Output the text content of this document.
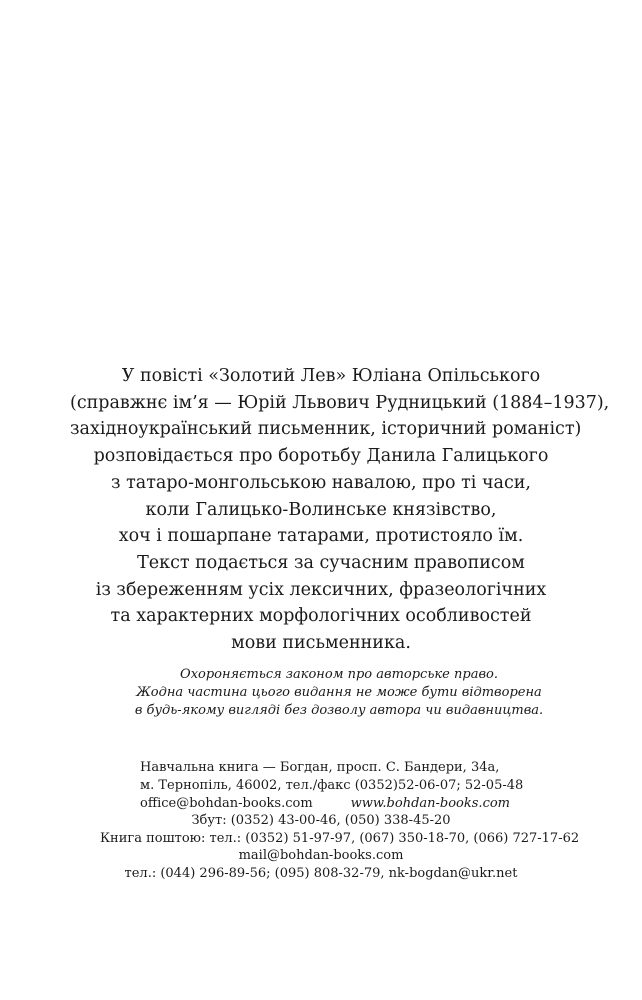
У повісті «Золотий Лев» Юліана Опільського
(справжнє ім’я — Юрій Львович Рудницький (1884–1937),
західноукраїнський письменник, історичний романіст)
розповідається про боротьбу Данила Галицького
з татаро-монгольською навалою, про ті часи,
коли Галицько-Волинське князівство,
хоч і пошарпане татарами, протистояло їм.
Текст подається за сучасним правописом
із збереженням усіх лексичних, фразеологічних
та характерних морфологічних особливостей
мови письменника.
Охороняється законом про авторське право.
Жодна частина цього видання не може бути відтворена
в будь-якому вигляді без дозволу автора чи видавництва.
Навчальна книга — Богдан, просп. С. Бандери, 34а,
м. Тернопіль, 46002, тел./факс (0352)52-06-07; 52-05-48
office@bohdan-books.com	www.bohdan-books.com
Збут: (0352) 43-00-46, (050) 338-45-20
Книга поштою: тел.: (0352) 51-97-97, (067) 350-18-70, (066) 727-17-62
mail@bohdan-books.com
тел.: (044) 296-89-56; (095) 808-32-79, nk-bogdan@ukr.net
